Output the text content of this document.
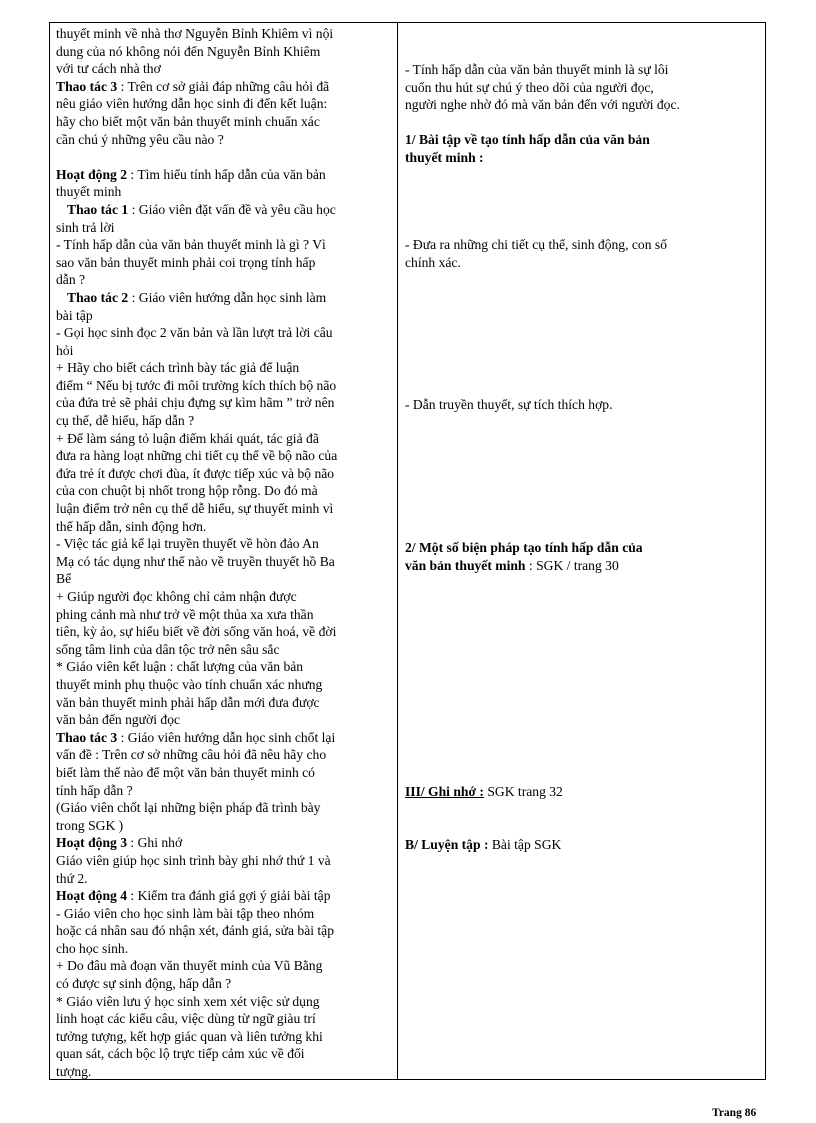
thuyết minh về nhà thơ Nguyễn Bỉnh Khiêm vì nội
dung của nó không nói đến Nguyễn Bỉnh Khiêm
với tư cách nhà thơ
Thao tác 3 : Trên cơ sở giải đáp những câu hỏi đã
nêu giáo viên hướng dẫn học sinh đi đến kết luận:
hãy cho biết một văn bản thuyết minh chuẩn xác
cần chú ý những yêu cầu nào ?
Hoạt động 2 : Tìm hiểu tính hấp dẫn của văn bản
thuyết minh
Thao tác 1 : Giáo viên đặt vấn đề và yêu cầu học
sinh trả lời
- Tính hấp dẫn của văn bản thuyết minh là gì ? Vì
sao văn bản thuyết minh phải coi trọng tính hấp
dẫn ?
Thao tác 2 : Giáo viên hướng dẫn học sinh làm
bài tập
- Gọi học sinh đọc 2 văn bản và lần lượt trả lời câu
hỏi
+ Hãy cho biết cách trình bày tác giả để luận
điểm “ Nếu bị tước đi môi trường kích thích bộ não
của đứa trẻ sẽ phải chịu đựng sự kìm hãm ” trở nên
cụ thể, dễ hiểu, hấp dẫn ?
+ Để làm sáng tỏ luận điểm khái quát, tác giả đã
đưa ra hàng loạt những chi tiết cụ thể về bộ não của
đứa trẻ ít được chơi đùa, ít được tiếp xúc và bộ não
của con chuột bị nhốt trong hộp rỗng. Do đó mà
luận điểm trở nên cụ thể dễ hiểu, sự thuyết minh vì
thế hấp dẫn, sinh động hơn.
- Việc tác giả kể lại truyền thuyết về hòn đảo An
Mạ có tác dụng như thế nào về truyền thuyết hồ Ba
Bể
+ Giúp người đọc không chỉ cảm nhận được
phing cảnh mà như trở về một thủa xa xưa thần
tiên, kỳ ảo, sự hiểu biết về đời sống văn hoá, về đời
sống tâm linh của dân tộc trở nên sâu sắc
* Giáo viên kết luận : chất lượng của văn bản
thuyết minh phụ thuộc vào tính chuẩn xác nhưng
văn bản thuyết minh phải hấp dẫn mới đưa được
văn bản đến người đọc
Thao tác 3 : Giáo viên hướng dẫn học sinh chốt lại
vấn đề : Trên cơ sở những câu hỏi đã nêu hãy cho
biết làm thế nào để một văn bản thuyết minh có
tính hấp dẫn ?
(Giáo viên chốt lại những biện pháp đã trình bày
trong SGK )
Hoạt động 3 : Ghi nhớ
Giáo viên giúp học sinh trình bày ghi nhớ thứ 1 và
thứ 2.
Hoạt động 4 : Kiểm tra đánh giá gợi ý giải bài tập
- Giáo viên cho học sinh làm bài tập theo nhóm
hoặc cá nhân sau đó nhận xét, đánh giá, sửa bài tập
cho học sinh.
+ Do đâu mà đoạn văn thuyết minh của Vũ Bằng
có được sự sinh động, hấp dẫn ?
* Giáo viên lưu ý học sinh xem xét việc sử dụng
linh hoạt các kiểu câu, việc dùng từ ngữ giàu trí
tưởng tượng, kết hợp giác quan và liên tưởng khi
quan sát, cách bộc lộ trực tiếp cảm xúc về đối
tượng.
- Tính hấp dẫn của văn bản thuyết minh là sự lôi
cuốn thu hút sự chú ý theo dõi của người đọc,
người nghe nhờ đó mà văn bản đến với người đọc.
1/ Bài tập về tạo tính hấp dẫn của văn bản
thuyết minh :
- Đưa ra những chi tiết cụ thể, sinh động, con số
chính xác.
- Dẫn truyền thuyết, sự tích thích hợp.
2/ Một số biện pháp tạo tính hấp dẫn của
văn bản thuyết minh : SGK / trang 30
III/ Ghi nhớ : SGK trang 32
B/ Luyện tập : Bài tập SGK
Trang 86
